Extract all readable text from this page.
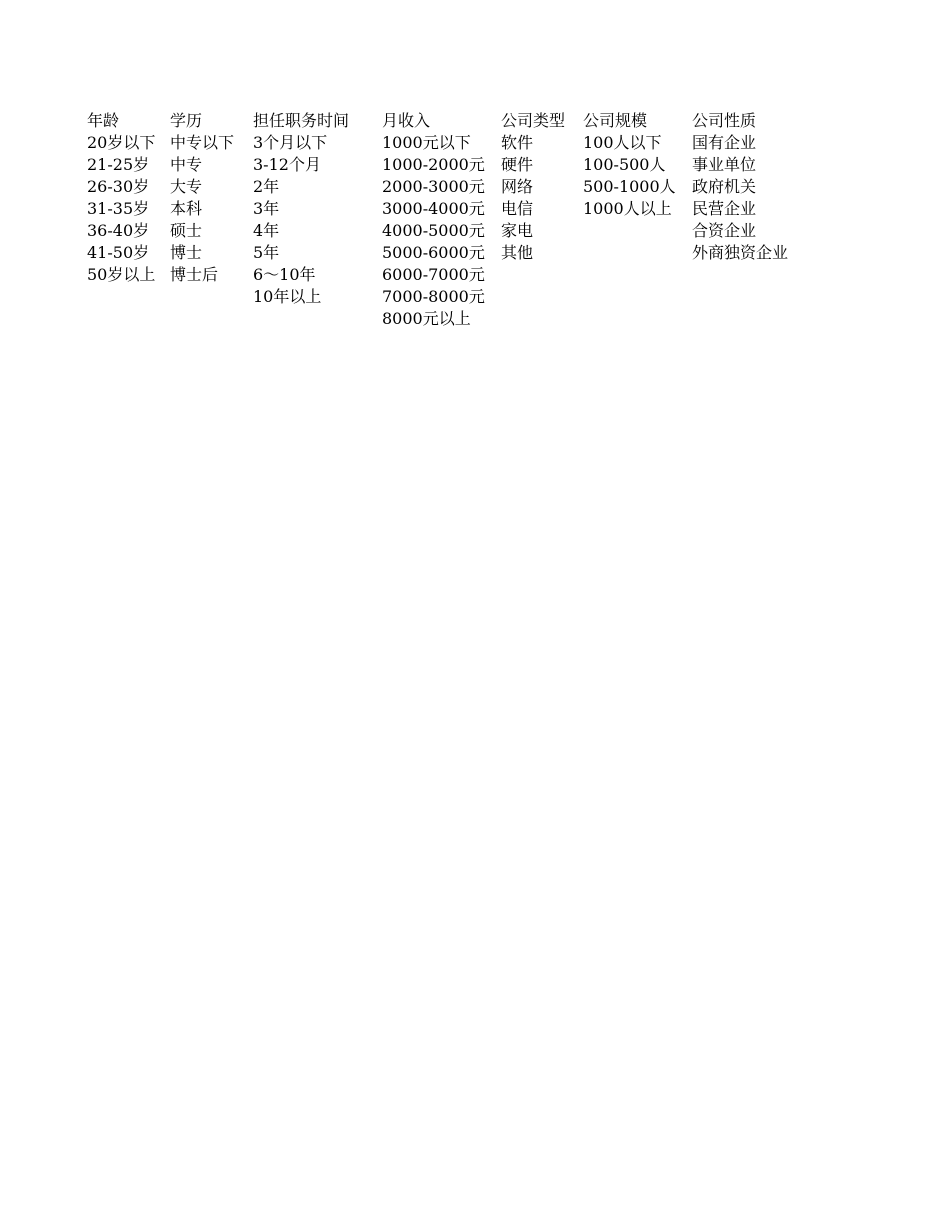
年龄
20岁以下
21-25岁
26-30岁
31-35岁
36-40岁
41-50岁
50岁以上
学历
中专以下
中专
大专
本科
硕士
博士
博士后
担任职务时间
3个月以下
3-12个月
2年
3年
4年
5年
6～10年
10年以上
月收入
1000元以下
1000-2000元
2000-3000元
3000-4000元
4000-5000元
5000-6000元
6000-7000元
7000-8000元
8000元以上
公司类型
软件
硬件
网络
电信
家电
其他
公司规模
100人以下
100-500人
500-1000人
1000人以上
公司性质
国有企业
事业单位
政府机关
民营企业
合资企业
外商独资企业
